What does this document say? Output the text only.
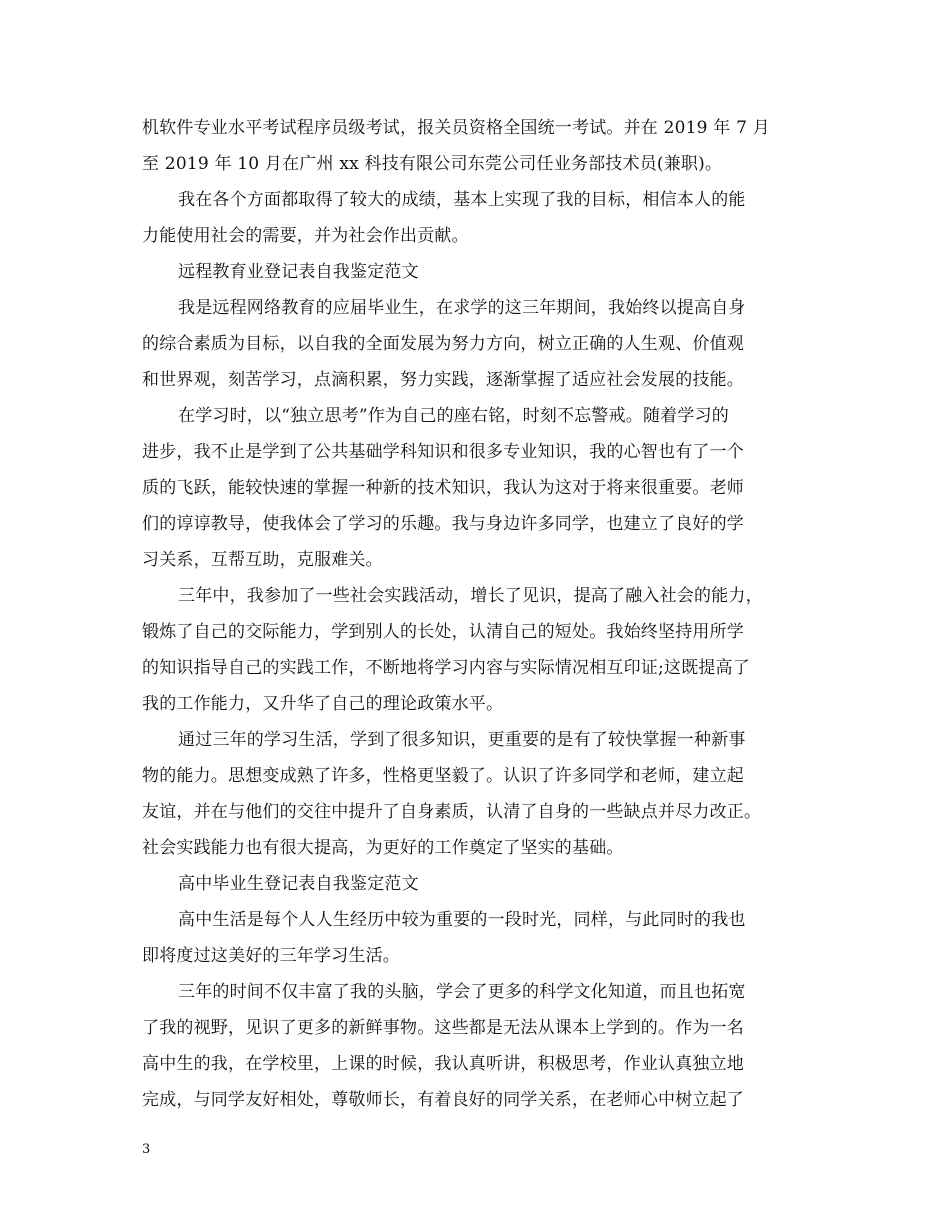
机软件专业水平考试程序员级考试，报关员资格全国统一考试。并在 2019 年 7 月
至 2019 年 10 月在广州 xx 科技有限公司东莞公司任业务部技术员(兼职)。
我在各个方面都取得了较大的成绩，基本上实现了我的目标，相信本人的能
力能使用社会的需要，并为社会作出贡献。
远程教育业登记表自我鉴定范文
我是远程网络教育的应届毕业生，在求学的这三年期间，我始终以提高自身
的综合素质为目标，以自我的全面发展为努力方向，树立正确的人生观、价值观
和世界观，刻苦学习，点滴积累，努力实践，逐渐掌握了适应社会发展的技能。
在学习时，以“独立思考”作为自己的座右铭，时刻不忘警戒。随着学习的
进步，我不止是学到了公共基础学科知识和很多专业知识，我的心智也有了一个
质的飞跃，能较快速的掌握一种新的技术知识，我认为这对于将来很重要。老师
们的谆谆教导，使我体会了学习的乐趣。我与身边许多同学，也建立了良好的学
习关系，互帮互助，克服难关。
三年中，我参加了一些社会实践活动，增长了见识，提高了融入社会的能力，
锻炼了自己的交际能力，学到别人的长处，认清自己的短处。我始终坚持用所学
的知识指导自己的实践工作，不断地将学习内容与实际情况相互印证;这既提高了
我的工作能力，又升华了自己的理论政策水平。
通过三年的学习生活，学到了很多知识，更重要的是有了较快掌握一种新事
物的能力。思想变成熟了许多，性格更坚毅了。认识了许多同学和老师，建立起
友谊，并在与他们的交往中提升了自身素质，认清了自身的一些缺点并尽力改正。
社会实践能力也有很大提高，为更好的工作奠定了坚实的基础。
高中毕业生登记表自我鉴定范文
高中生活是每个人人生经历中较为重要的一段时光，同样，与此同时的我也
即将度过这美好的三年学习生活。
三年的时间不仅丰富了我的头脑，学会了更多的科学文化知道，而且也拓宽
了我的视野，见识了更多的新鲜事物。这些都是无法从课本上学到的。作为一名
高中生的我，在学校里，上课的时候，我认真听讲，积极思考，作业认真独立地
完成，与同学友好相处，尊敬师长，有着良好的同学关系，在老师心中树立起了
3
